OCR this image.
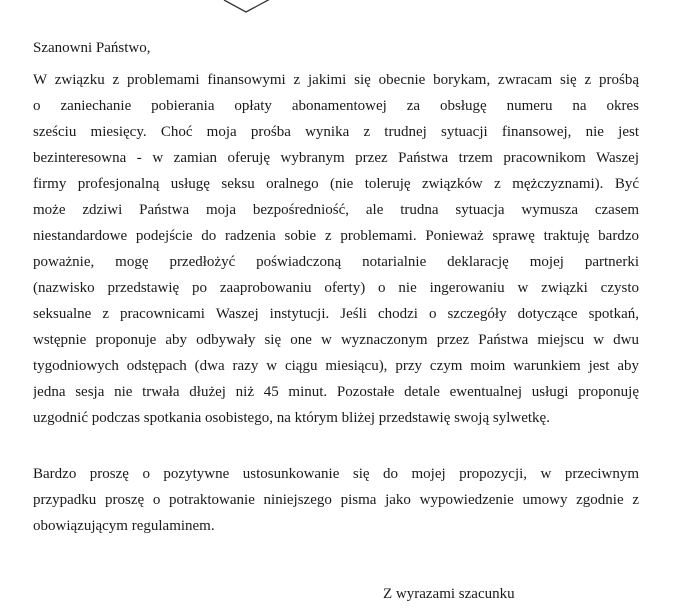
Szanowni Państwo,
W związku z problemami finansowymi z jakimi się obecnie borykam, zwracam się z prośbą
o zaniechanie pobierania opłaty abonamentowej za obsługę numeru na okres
sześciu miesięcy. Choć moja prośba wynika z trudnej sytuacji finansowej, nie jest
bezinteresowna - w zamian oferuję wybranym przez Państwa trzem pracownikom Waszej
firmy profesjonalną usługę seksu oralnego (nie toleruję związków z mężczyznami). Być
może zdziwi Państwa moja bezpośredniość, ale trudna sytuacja wymusza czasem
niestandardowe podejście do radzenia sobie z problemami. Ponieważ sprawę traktuję bardzo
poważnie, mogę przedłożyć poświadczoną notarialnie deklarację mojej partnerki
(nazwisko przedstawię po zaaprobowaniu oferty) o nie ingerowaniu w związki czysto
seksualne z pracownicami Waszej instytucji. Jeśli chodzi o szczegóły dotyczące spotkań,
wstępnie proponuje aby odbywały się one w wyznaczonym przez Państwa miejscu w dwu
tygodniowych odstępach (dwa razy w ciągu miesiącu), przy czym moim warunkiem jest aby
jedna sesja nie trwała dłużej niż 45 minut. Pozostałe detale ewentualnej usługi proponuję
uzgodnić podczas spotkania osobistego, na którym bliżej przedstawię swoją sylwetkę.
Bardzo proszę o pozytywne ustosunkowanie się do mojej propozycji, w przeciwnym
przypadku proszę o potraktowanie niniejszego pisma jako wypowiedzenie umowy zgodnie z
obowiązującym regulaminem.
Z wyrazami szacunku
